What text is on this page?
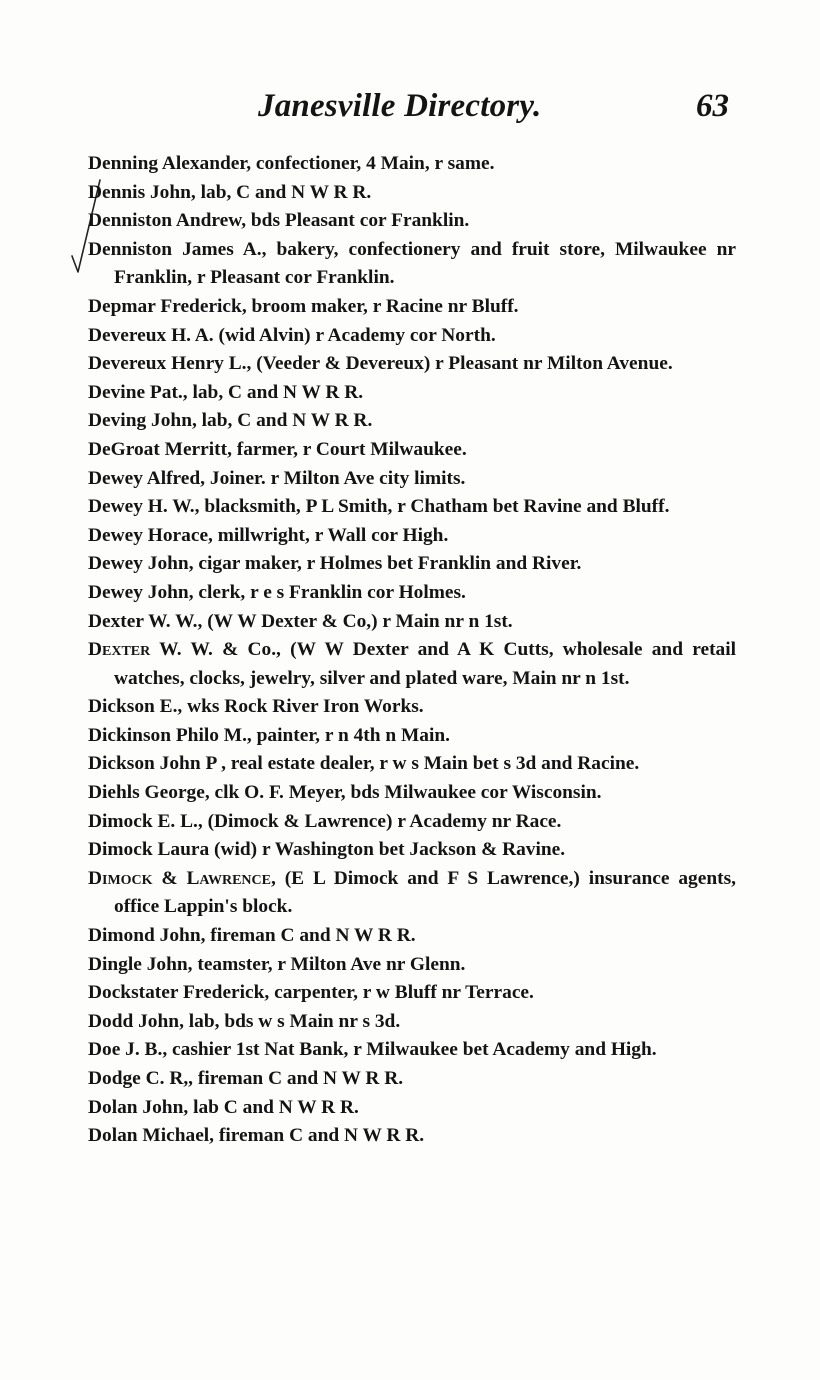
Janesville Directory.	63
Denning Alexander, confectioner, 4 Main, r same.
Dennis John, lab, C and N W R R.
Denniston Andrew, bds Pleasant cor Franklin.
Denniston James A., bakery, confectionery and fruit store, Milwaukee nr Franklin, r Pleasant cor Franklin.
Depmar Frederick, broom maker, r Racine nr Bluff.
Devereux H. A. (wid Alvin) r Academy cor North.
Devereux Henry L., (Veeder & Devereux) r Pleasant nr Milton Avenue.
Devine Pat., lab, C and N W R R.
Deving John, lab, C and N W R R.
DeGroat Merritt, farmer, r Court Milwaukee.
Dewey Alfred, Joiner. r Milton Ave city limits.
Dewey H. W., blacksmith, P L Smith, r Chatham bet Ravine and Bluff.
Dewey Horace, millwright, r Wall cor High.
Dewey John, cigar maker, r Holmes bet Franklin and River.
Dewey John, clerk, r e s Franklin cor Holmes.
Dexter W. W., (W W Dexter & Co,) r Main nr n 1st.
Dexter W. W. & Co., (W W Dexter and A K Cutts, wholesale and retail watches, clocks, jewelry, silver and plated ware, Main nr n 1st.
Dickson E., wks Rock River Iron Works.
Dickinson Philo M., painter, r n 4th n Main.
Dickson John P , real estate dealer, r w s Main bet s 3d and Racine.
Diehls George, clk O. F. Meyer, bds Milwaukee cor Wisconsin.
Dimock E. L., (Dimock & Lawrence) r Academy nr Race.
Dimock Laura (wid) r Washington bet Jackson & Ravine.
Dimock & Lawrence, (E L Dimock and F S Lawrence,) insurance agents, office Lappin's block.
Dimond John, fireman C and N W R R.
Dingle John, teamster, r Milton Ave nr Glenn.
Dockstater Frederick, carpenter, r w Bluff nr Terrace.
Dodd John, lab, bds w s Main nr s 3d.
Doe J. B., cashier 1st Nat Bank, r Milwaukee bet Academy and High.
Dodge C. R,, fireman C and N W R R.
Dolan John, lab C and N W R R.
Dolan Michael, fireman C and N W R R.
